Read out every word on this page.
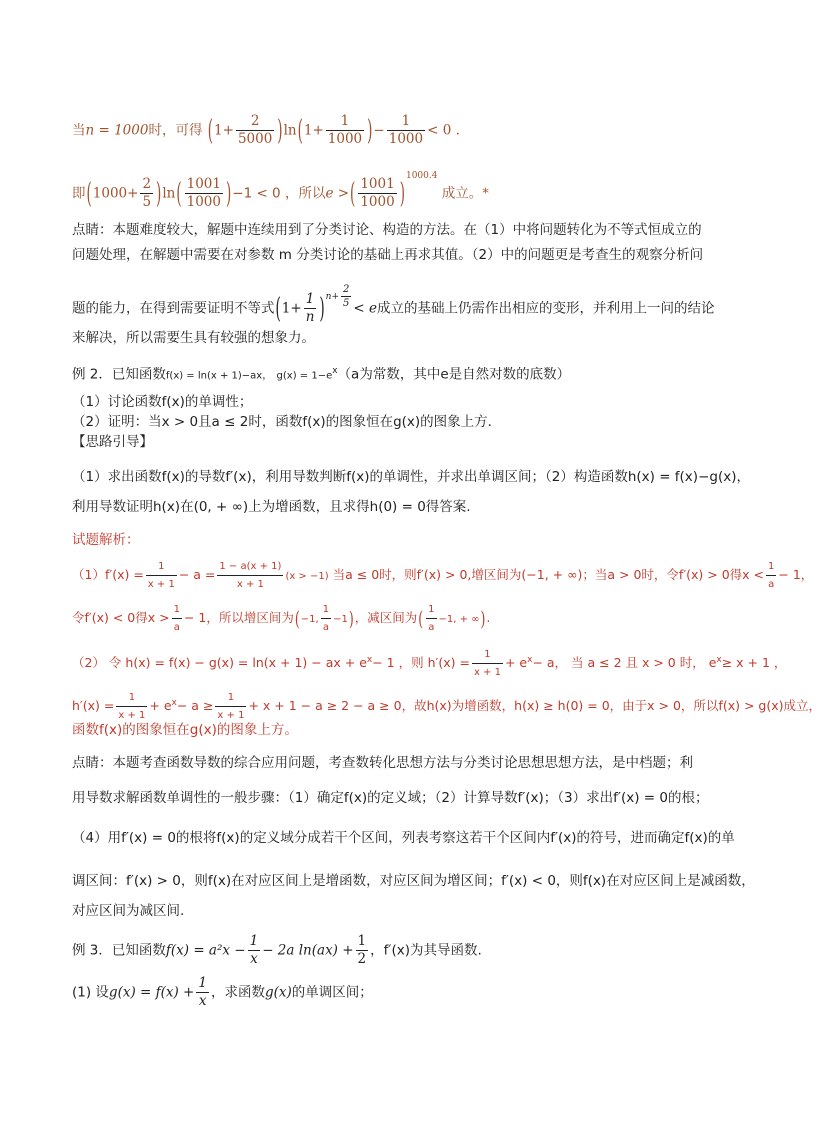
当n = 1000时，可得 $(1+ \frac{2}{5000} )\ln(1+ \frac{1}{1000}$ )− $\frac{1}{1000} < 0$ .
即$(1000+ \frac{2}{5} )\ln( \frac{1001}{1000} )-1 < 0$ ，所以e >( $\frac{1001}{1000} )^{1000.4}$ 成立。*
点睛：本题难度较大，解题中连续用到了分类讨论、构造的方法。在（1）中将问题转化为不等式恒成立的
问题处理，在解题中需要在对参数 m 分类讨论的基础上再求其值。（2）中的问题更是考查生的观察分析问
题的能力，在得到需要证明不等式$(1+ \frac{1}{n} )^{n+ \frac{2}{5}} < e$成立的基础上仍需作出相应的变形，并利用上一问的结论
来解决，所以需要生具有较强的想象力。
例 2．已知函数f(x) = ln(x + 1)−ax， $g(x) = 1-e^x(a$为常数，其中e是自然对数的底数）
（1）讨论函数f(x)的单调性；
（2）证明：当x > 0且a ≤ 2时，函数f(x)的图象恒在g(x)的图象上方．
【思路引导】
（1）求出函数f(x)的导数f′(x)，利用导数判断f(x)的单调性，并求出单调区间；（2）构造函数h(x) = f(x)−g(x)，
利用导数证明h(x)在(0, + ∞)上为增函数，且求得h(0) = 0得答案.
试题解析：
$(1)f'(x) = \frac{1}{x + 1} - a = \frac{1 - a(x + 1)}{x + 1} (x > -1)$ 当a ≤ 0时，则f′(x) > 0,增区间为(−1, + ∞)；当a > 0时，令f′(x) > 0得$x < \frac{1}{a} - 1$，
令f′(x) < 0得$x > \frac{1}{a} - 1$，所以增区间为(−1, $\frac{1}{a} -1$)，减区间为( $\frac{1}{a} -1$, + ∞).
（2） 令 h(x) = f(x) − g(x) = ln(x + 1) − ax + $e^x- 1$ ，则 $h'(x) = \frac{1}{x + 1} + e^x- a$， 当 a ≤ 2 且 x > 0 时， $e^x\ge x + 1$ ，
$h'(x) = \frac{1}{x + 1} + e^x- a \ge \frac{1}{x + 1} + x + 1 - a \ge 2 - a \ge 0$，故h(x)为增函数，h(x) ≥ h(0) = 0，由于x > 0，所以f(x) > g(x)成立，
函数f(x)的图象恒在g(x)的图象上方。
点睛：本题考查函数导数的综合应用问题，考查数转化思想方法与分类讨论思想思想方法，是中档题；利
用导数求解函数单调性的一般步骤：（1）确定f(x)的定义域；（2）计算导数f′(x)；（3）求出f′(x) = 0的根；
（4）用f′(x) = 0的根将f(x)的定义域分成若干个区间，列表考察这若干个区间内f′(x)的符号，进而确定f(x)的单
调区间：f′(x) > 0，则f(x)在对应区间上是增函数，对应区间为增区间；f′(x) < 0，则f(x)在对应区间上是减函数，
对应区间为减区间.
例 3．已知函数$f(x) = a^2x - \frac{1}{x} - 2a$ $\ln(ax) + \frac{1}{2}$ ，f′(x)为其导函数.
(1) 设$g(x) = f(x) + \frac{1}{x}$ ，求函数g(x)的单调区间；
